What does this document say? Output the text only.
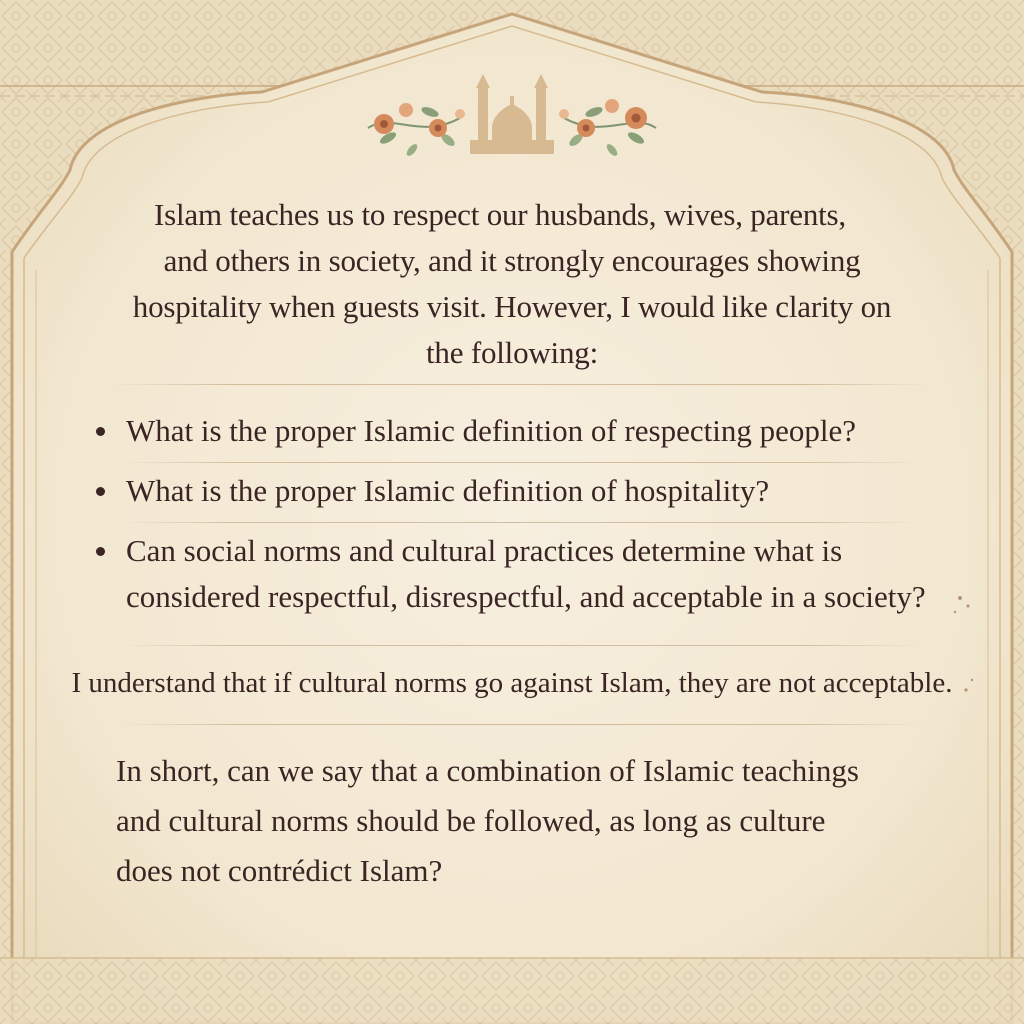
Islam teaches us to respect our husbands, wives, parents,
and others in society, and it strongly encourages showing
hospitality when guests visit. However, I would like clarity on
the following:
What is the proper Islamic definition of respecting people?
What is the proper Islamic definition of hospitality?
Can social norms and cultural practices determine what is considered respectful, disrespectful, and acceptable in a society?
I understand that if cultural norms go against Islam, they are not acceptable.
In short, can we say that a combination of Islamic teachings
and cultural norms should be followed, as long as culture
does not contrédict Islam?
